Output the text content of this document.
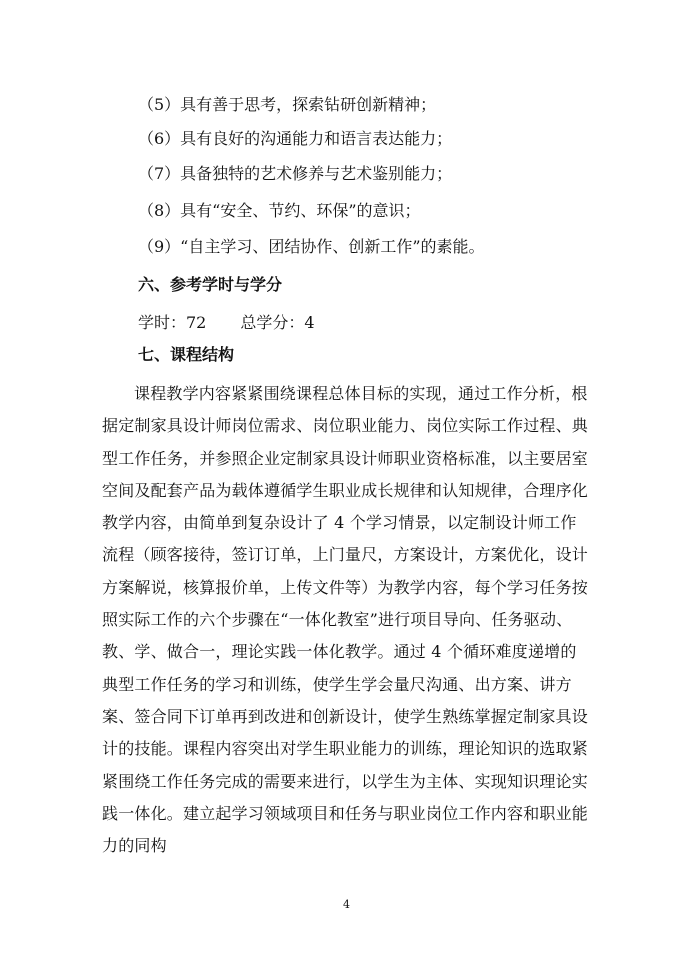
（5）具有善于思考，探索钻研创新精神；
（6）具有良好的沟通能力和语言表达能力；
（7）具备独特的艺术修养与艺术鉴别能力；
（8）具有“安全、节约、环保”的意识；
（9）“自主学习、团结协作、创新工作”的素能。
六、参考学时与学分
学时：72 总学分：4
七、课程结构

课程教学内容紧紧围绕课程总体目标的实现，通过工作分析，根据定制家具设计师岗位需求、岗位职业能力、岗位实际工作过程、典型工作任务，并参照企业定制家具设计师职业资格标准，以主要居室空间及配套产品为载体遵循学生职业成长规律和认知规律，合理序化教学内容，由简单到复杂设计了 4 个学习情景，以定制设计师工作流程（顾客接待，签订订单，上门量尺，方案设计，方案优化，设计方案解说，核算报价单，上传文件等）为教学内容，每个学习任务按照实际工作的六个步骤在“一体化教室”进行项目导向、任务驱动、教、学、做合一，理论实践一体化教学。通过 4 个循环难度递增的典型工作任务的学习和训练，使学生学会量尺沟通、出方案、讲方案、签合同下订单再到改进和创新设计，使学生熟练掌握定制家具设计的技能。课程内容突出对学生职业能力的训练，理论知识的选取紧紧围绕工作任务完成的需要来进行，以学生为主体、实现知识理论实践一体化。建立起学习领域项目和任务与职业岗位工作内容和职业能力的同构

4
